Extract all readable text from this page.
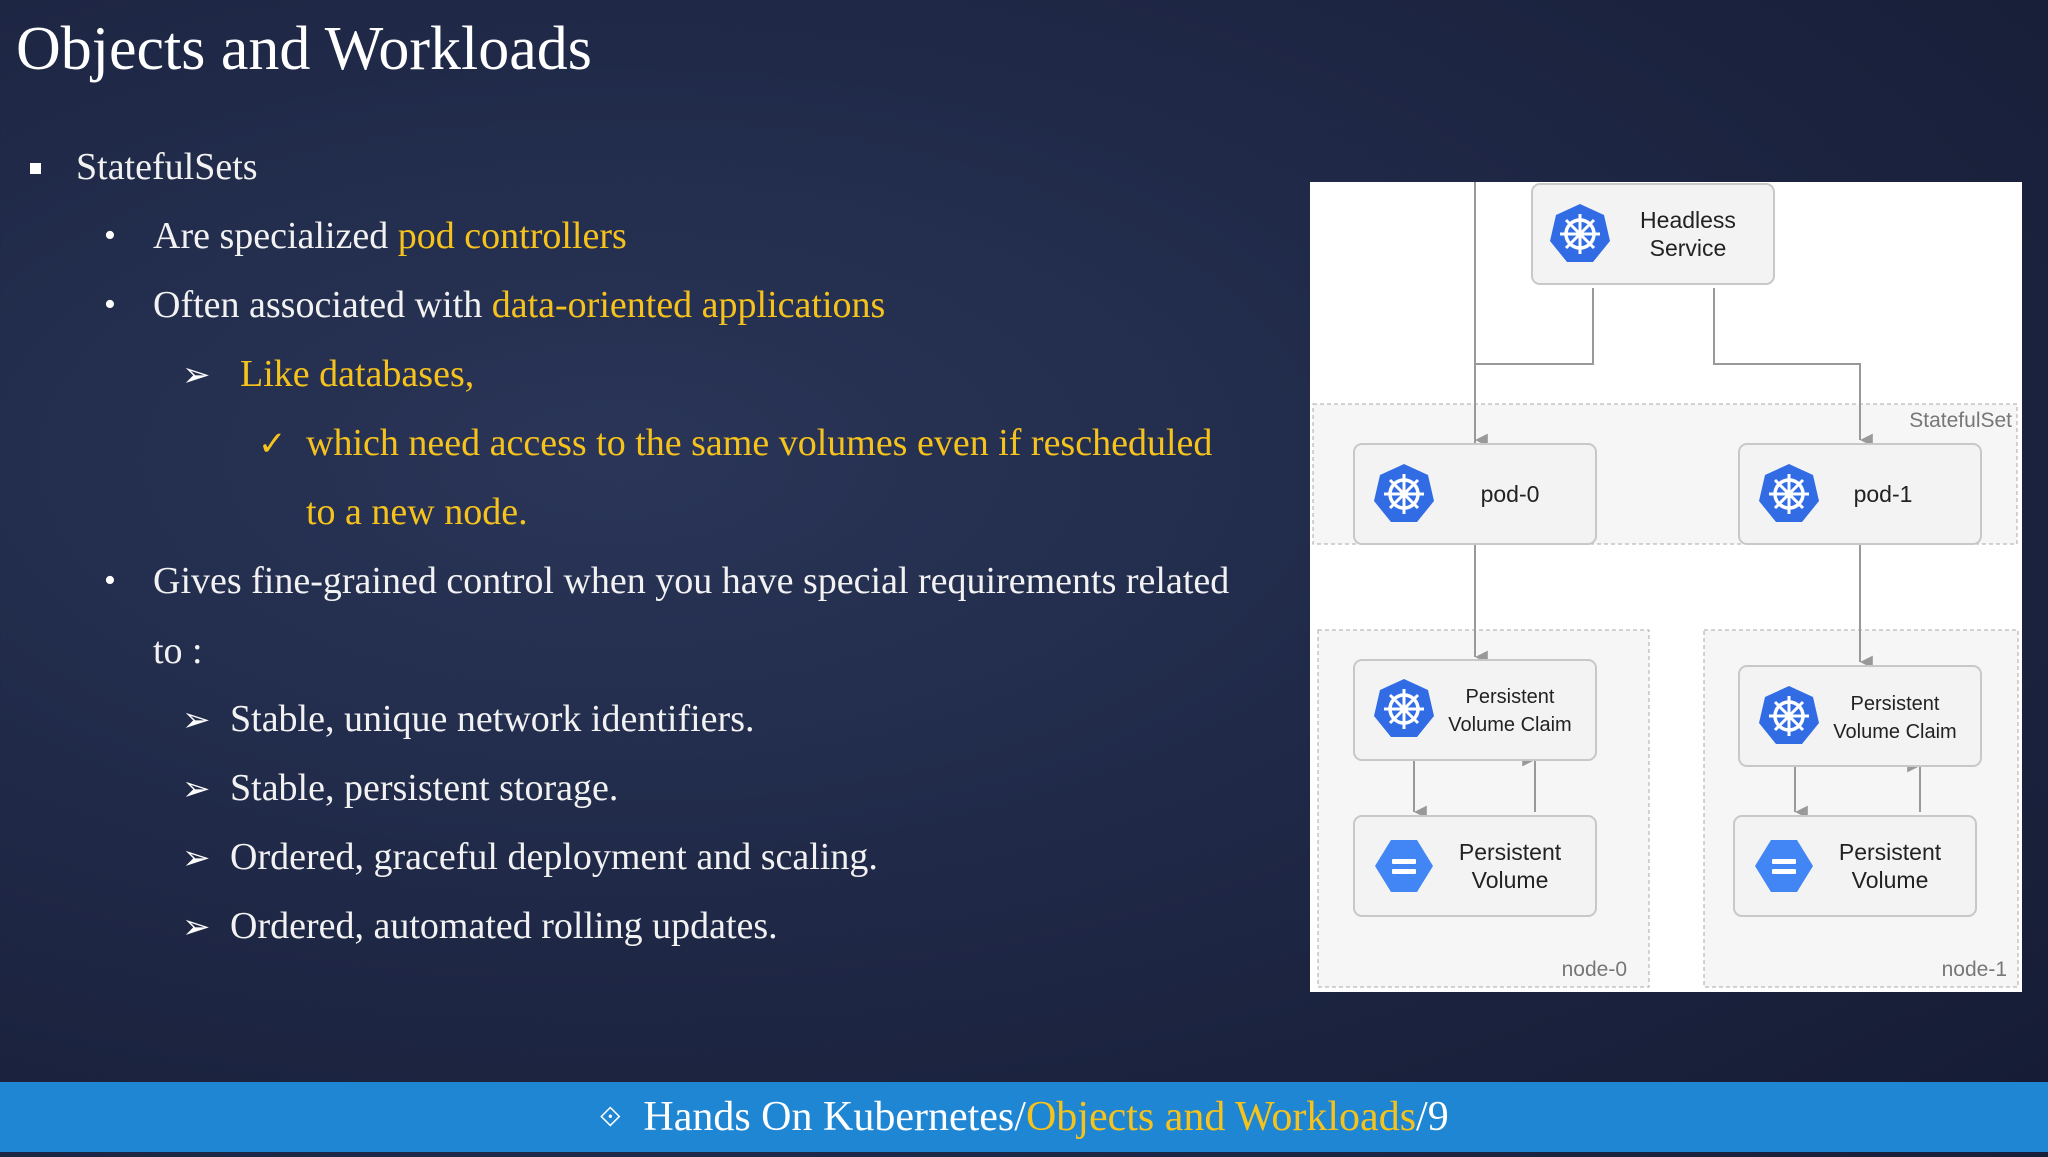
Objects and Workloads
StatefulSets
• Are specialized pod controllers
• Often associated with data-oriented applications
➢ Like databases,
✓ which need access to the same volumes even if rescheduled
to a new node.
• Gives fine-grained control when you have special requirements related
to :
➢ Stable, unique network identifiers.
➢ Stable, persistent storage.
➢ Ordered, graceful deployment and scaling.
➢ Ordered, automated rolling updates.
StatefulSet
node-0	node-1
Headless
Service
pod-0	pod-1
Persistent
Volume Claim
Persistent
Volume Claim
Persistent
Volume
Persistent
Volume
⟐ Hands On Kubernetes/Objects and Workloads/9
